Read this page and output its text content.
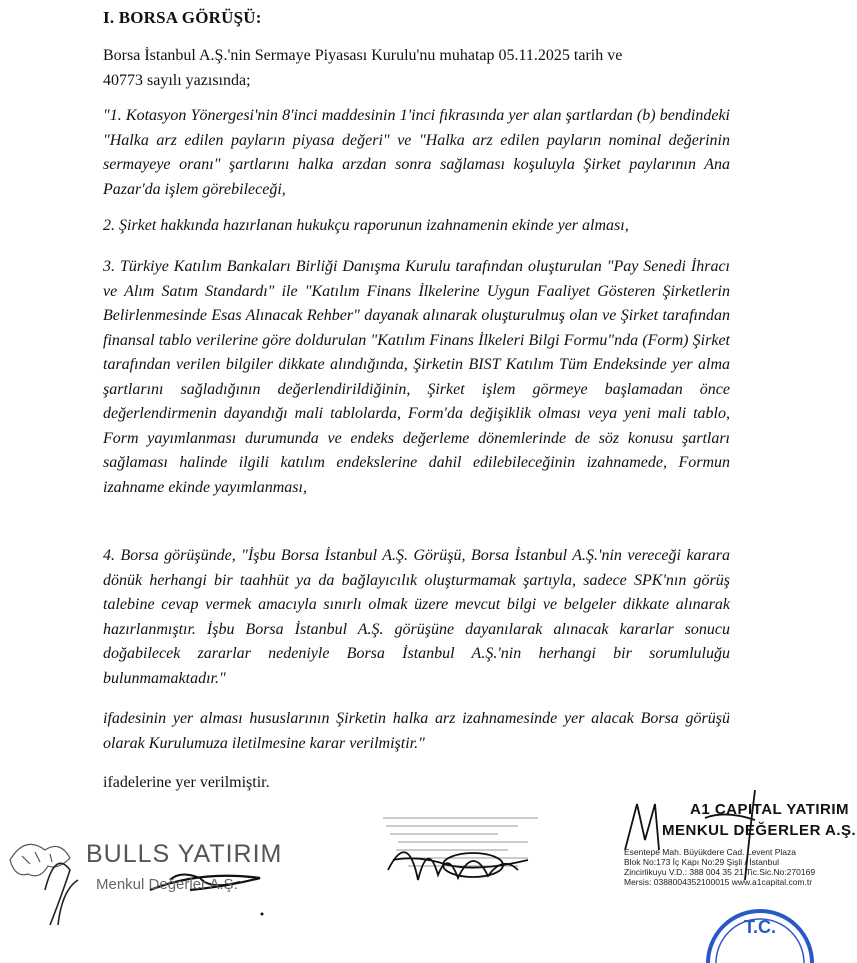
I. BORSA GÖRÜŞÜ:

Borsa İstanbul A.Ş.'nin Sermaye Piyasası Kurulu'nu muhatap 05.11.2025 tarih ve
40773 sayılı yazısında;

"1. Kotasyon Yönergesi'nin 8'inci maddesinin 1'inci fıkrasında yer alan şartlardan (b) bendindeki "Halka arz edilen payların piyasa değeri" ve "Halka arz edilen payların nominal değerinin sermayeye oranı" şartlarını halka arzdan sonra sağlaması koşuluyla Şirket paylarının Ana Pazar'da işlem görebileceği,

2. Şirket hakkında hazırlanan hukukçu raporunun izahnamenin ekinde yer alması,

3. Türkiye Katılım Bankaları Birliği Danışma Kurulu tarafından oluşturulan "Pay Senedi İhracı ve Alım Satım Standardı" ile "Katılım Finans İlkelerine Uygun Faaliyet Gösteren Şirketlerin Belirlenmesinde Esas Alınacak Rehber" dayanak alınarak oluşturulmuş olan ve Şirket tarafından finansal tablo verilerine göre doldurulan "Katılım Finans İlkeleri Bilgi Formu"nda (Form) Şirket tarafından verilen bilgiler dikkate alındığında, Şirketin BIST Katılım Tüm Endeksinde yer alma şartlarını sağladığının değerlendirildiğinin, Şirket işlem görmeye başlamadan önce değerlendirmenin dayandığı mali tablolarda, Form'da değişiklik olması veya yeni mali tablo, Form yayımlanması durumunda ve endeks değerleme dönemlerinde de söz konusu şartları sağlaması halinde ilgili katılım endekslerine dahil edilebileceğinin izahnamede, Formun izahname ekinde yayımlanması,

4. Borsa görüşünde, "İşbu Borsa İstanbul A.Ş. Görüşü, Borsa İstanbul A.Ş.'nin vereceği karara dönük herhangi bir taahhüt ya da bağlayıcılık oluşturmamak şartıyla, sadece SPK'nın görüş talebine cevap vermek amacıyla sınırlı olmak üzere mevcut bilgi ve belgeler dikkate alınarak hazırlanmıştır. İşbu Borsa İstanbul A.Ş. görüşüne dayanılarak alınacak kararlar sonucu doğabilecek zararlar nedeniyle Borsa İstanbul A.Ş.'nin herhangi bir sorumluluğu bulunmamaktadır."

ifadesinin yer alması hususlarının Şirketin halka arz izahnamesinde yer alacak Borsa görüşü olarak Kurulumuza iletilmesine karar verilmiştir."

ifadelerine yer verilmiştir.

BULLS YATIRIM
Menkul Değerler A.Ş.
A1 CAPITAL YATIRIM
MENKUL DEĞERLER A.Ş.
Esentepe Mah. Büyükdere Cad. Levent Plaza
Blok No:173 İç Kapı No:29 Şişli / İstanbul
Zincirlikuyu V.D.: 388 004 35 21 Tic.Sic.No:270169
Mersis: 0388004352100015 www.a1capital.com.tr
T.C.
